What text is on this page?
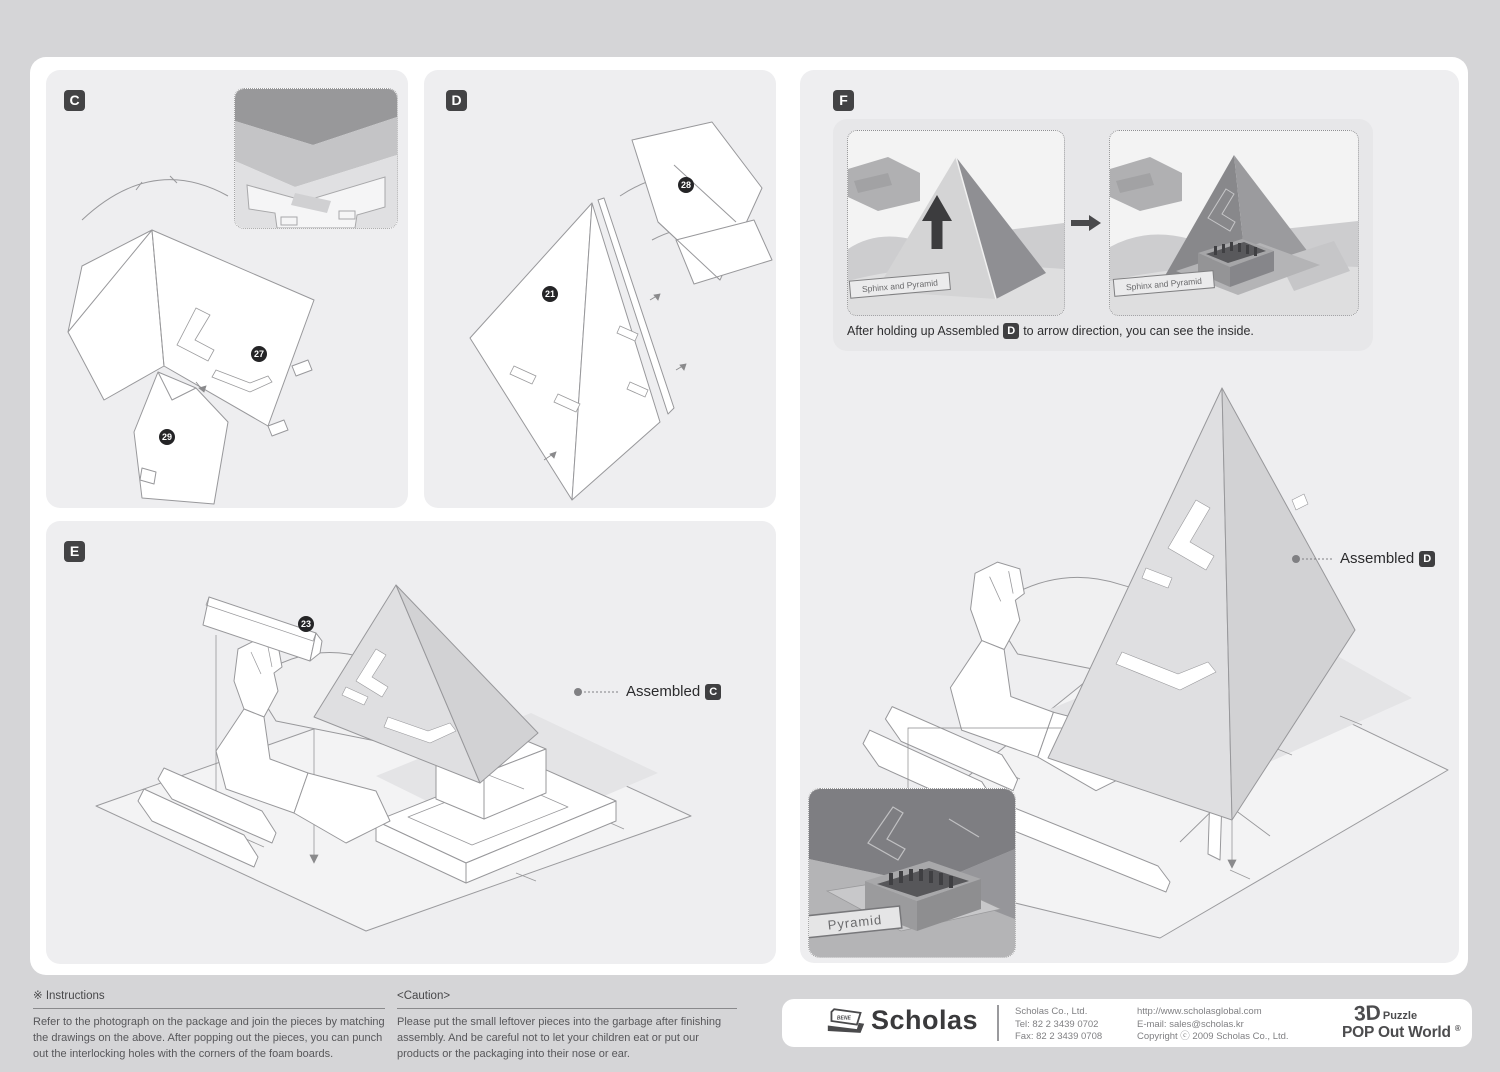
C
27
29
D
21
28
E
23
Assembled C
F
Sphinx and Pyramid	Sphinx and Pyramid
After holding up Assembled D to arrow direction, you can see the inside.
Assembled D
Pyramid
※ Instructions
Refer to the photograph on the package and join the pieces by matching the drawings on the above. After popping out the pieces, you can punch out the interlocking holes with the corners of the foam boards.
<Caution>
Please put the small leftover pieces into the garbage after finishing assembly. And be careful not to let your children eat or put our products or the packaging into their nose or ear.
BENE Scholas	Scholas Co., Ltd.
Tel: 82 2 3439 0702
Fax: 82 2 3439 0708
http://www.scholasglobal.com
E-mail: sales@scholas.kr
Copyright ⓒ 2009 Scholas Co., Ltd.
3D Puzzle
POP Out World ®
